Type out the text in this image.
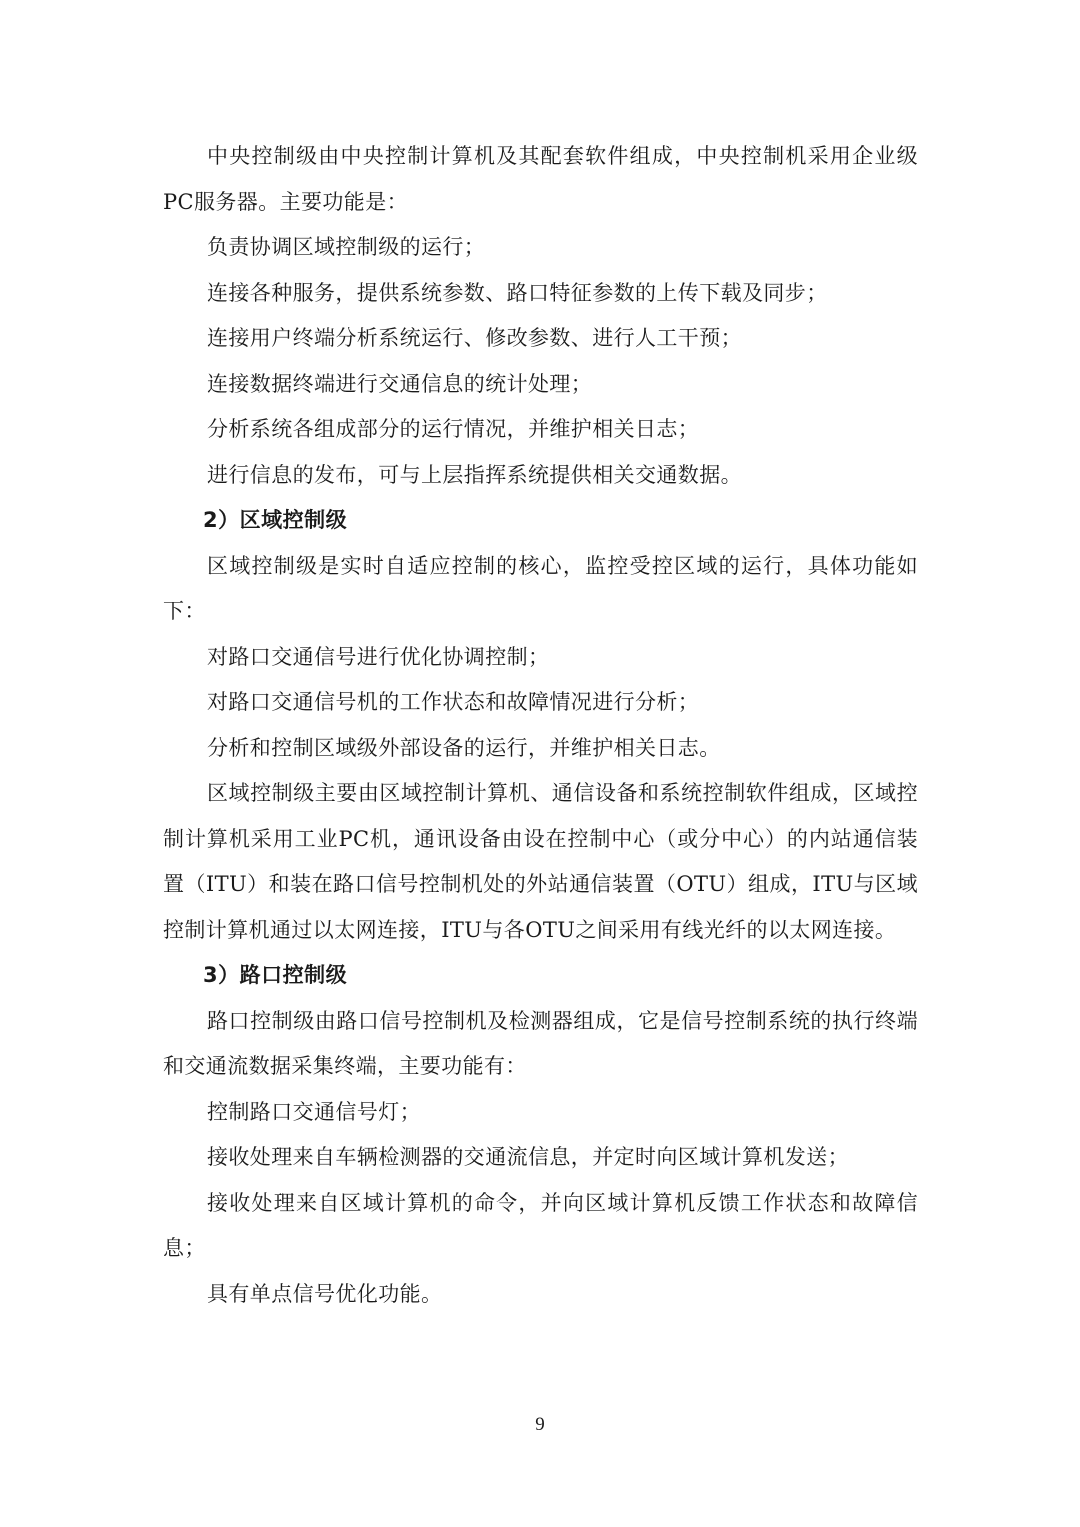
中央控制级由中央控制计算机及其配套软件组成，中央控制机采用企业级PC服务器。主要功能是：

负责协调区域控制级的运行；

连接各种服务，提供系统参数、路口特征参数的上传下载及同步；

连接用户终端分析系统运行、修改参数、进行人工干预；

连接数据终端进行交通信息的统计处理；

分析系统各组成部分的运行情况，并维护相关日志；

进行信息的发布，可与上层指挥系统提供相关交通数据。

2）区域控制级

区域控制级是实时自适应控制的核心，监控受控区域的运行，具体功能如下：

对路口交通信号进行优化协调控制；

对路口交通信号机的工作状态和故障情况进行分析；

分析和控制区域级外部设备的运行，并维护相关日志。

区域控制级主要由区域控制计算机、通信设备和系统控制软件组成，区域控制计算机采用工业PC机，通讯设备由设在控制中心（或分中心）的内站通信装置（ITU）和装在路口信号控制机处的外站通信装置（OTU）组成，ITU与区域控制计算机通过以太网连接，ITU与各OTU之间采用有线光纤的以太网连接。

3）路口控制级

路口控制级由路口信号控制机及检测器组成，它是信号控制系统的执行终端和交通流数据采集终端，主要功能有：

控制路口交通信号灯；

接收处理来自车辆检测器的交通流信息，并定时向区域计算机发送；

接收处理来自区域计算机的命令，并向区域计算机反馈工作状态和故障信息；

具有单点信号优化功能。

9
